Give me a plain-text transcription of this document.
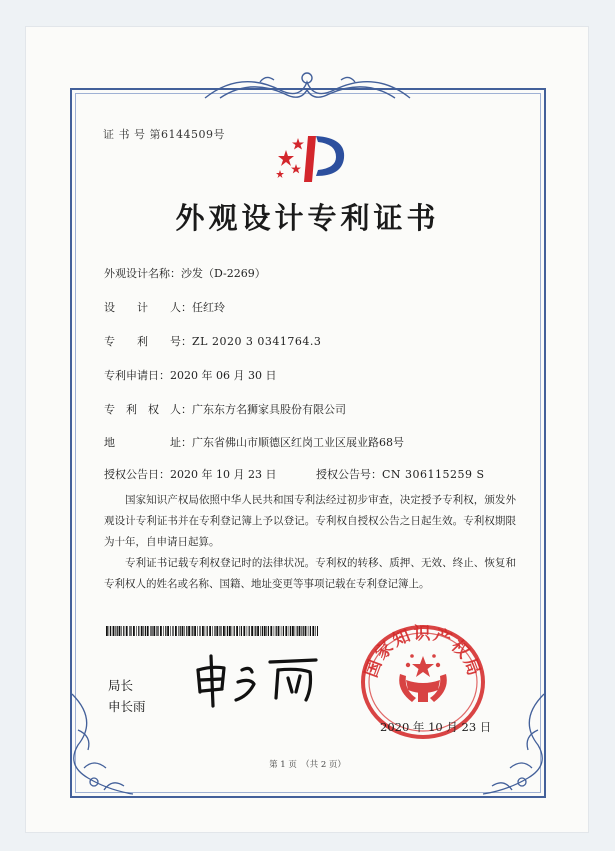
证 书 号 第6144509号
外观设计专利证书
外观设计名称：沙发（D-2269）
设　　计　　人：任红玲
专　　利　　号：ZL 2020 3 0341764.3
专利申请日：2020 年 06 月 30 日
专　利　权　人：广东东方名狮家具股份有限公司
地　　　　　址：广东省佛山市顺德区红岗工业区展业路68号
授权公告日：2020 年 10 月 23 日	授权公告号：CN 306115259 S
国家知识产权局依照中华人民共和国专利法经过初步审查，决定授予专利权，颁发外观设计专利证书并在专利登记簿上予以登记。专利权自授权公告之日起生效。专利权期限为十年，自申请日起算。
专利证书记载专利权登记时的法律状况。专利权的转移、质押、无效、终止、恢复和专利权人的姓名或名称、国籍、地址变更等事项记载在专利登记簿上。
局长
申长雨
国家知识产权局
2020 年 10 月 23 日
第 1 页　（共 2 页）
